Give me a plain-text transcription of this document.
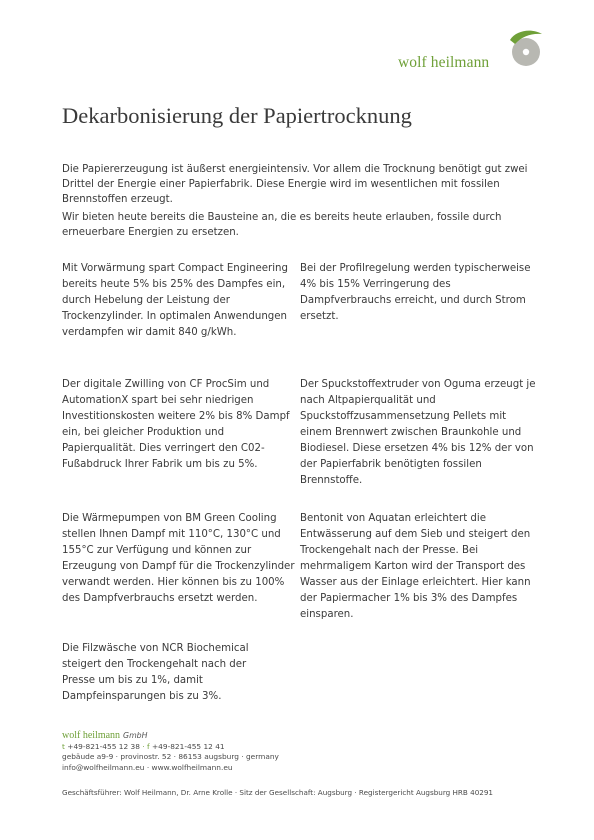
wolf heilmann
Dekarbonisierung der Papiertrocknung

Die Papiererzeugung ist äußerst energieintensiv. Vor allem die Trocknung benötigt gut zwei Drittel der Energie einer Papierfabrik. Diese Energie wird im wesentlichen mit fossilen Brennstoffen erzeugt.

Wir bieten heute bereits die Bausteine an, die es bereits heute erlauben, fossile durch erneuerbare Energien zu ersetzen.

Mit Vorwärmung spart Compact Engineering bereits heute 5% bis 25% des Dampfes ein, durch Hebelung der Leistung der Trockenzylinder. In optimalen Anwendungen verdampfen wir damit 840 g/kWh.
Bei der Profilregelung werden typischerweise 4% bis 15% Verringerung des Dampfverbrauchs erreicht, und durch Strom ersetzt.
Der digitale Zwilling von CF ProcSim und AutomationX spart bei sehr niedrigen Investitionskosten weitere 2% bis 8% Dampf ein, bei gleicher Produktion und Papierqualität. Dies verringert den C02-Fußabdruck Ihrer Fabrik um bis zu 5%.
Der Spuckstoffextruder von Oguma erzeugt je nach Altpapierqualität und Spuckstoffzusammensetzung Pellets mit einem Brennwert zwischen Braunkohle und Biodiesel. Diese ersetzen 4% bis 12% der von der Papierfabrik benötigten fossilen Brennstoffe.
Die Wärmepumpen von BM Green Cooling stellen Ihnen Dampf mit 110°C, 130°C und 155°C zur Verfügung und können zur Erzeugung von Dampf für die Trockenzylinder verwandt werden. Hier können bis zu 100% des Dampfverbrauchs ersetzt werden.
Bentonit von Aquatan erleichtert die Entwässerung auf dem Sieb und steigert den Trockengehalt nach der Presse. Bei mehrmaligem Karton wird der Transport des Wasser aus der Einlage erleichtert. Hier kann der Papiermacher 1% bis 3% des Dampfes einsparen.
Die Filzwäsche von NCR Biochemical steigert den Trockengehalt nach der Presse um bis zu 1%, damit Dampfeinsparungen bis zu 3%.
wolf heilmann GmbH
t +49-821-455 12 38 · f +49-821-455 12 41
gebäude a9-9 · provinostr. 52 · 86153 augsburg · germany
info@wolfheilmann.eu · www.wolfheilmann.eu
Geschäftsführer: Wolf Heilmann, Dr. Arne Krolle · Sitz der Gesellschaft: Augsburg · Registergericht Augsburg HRB 40291
